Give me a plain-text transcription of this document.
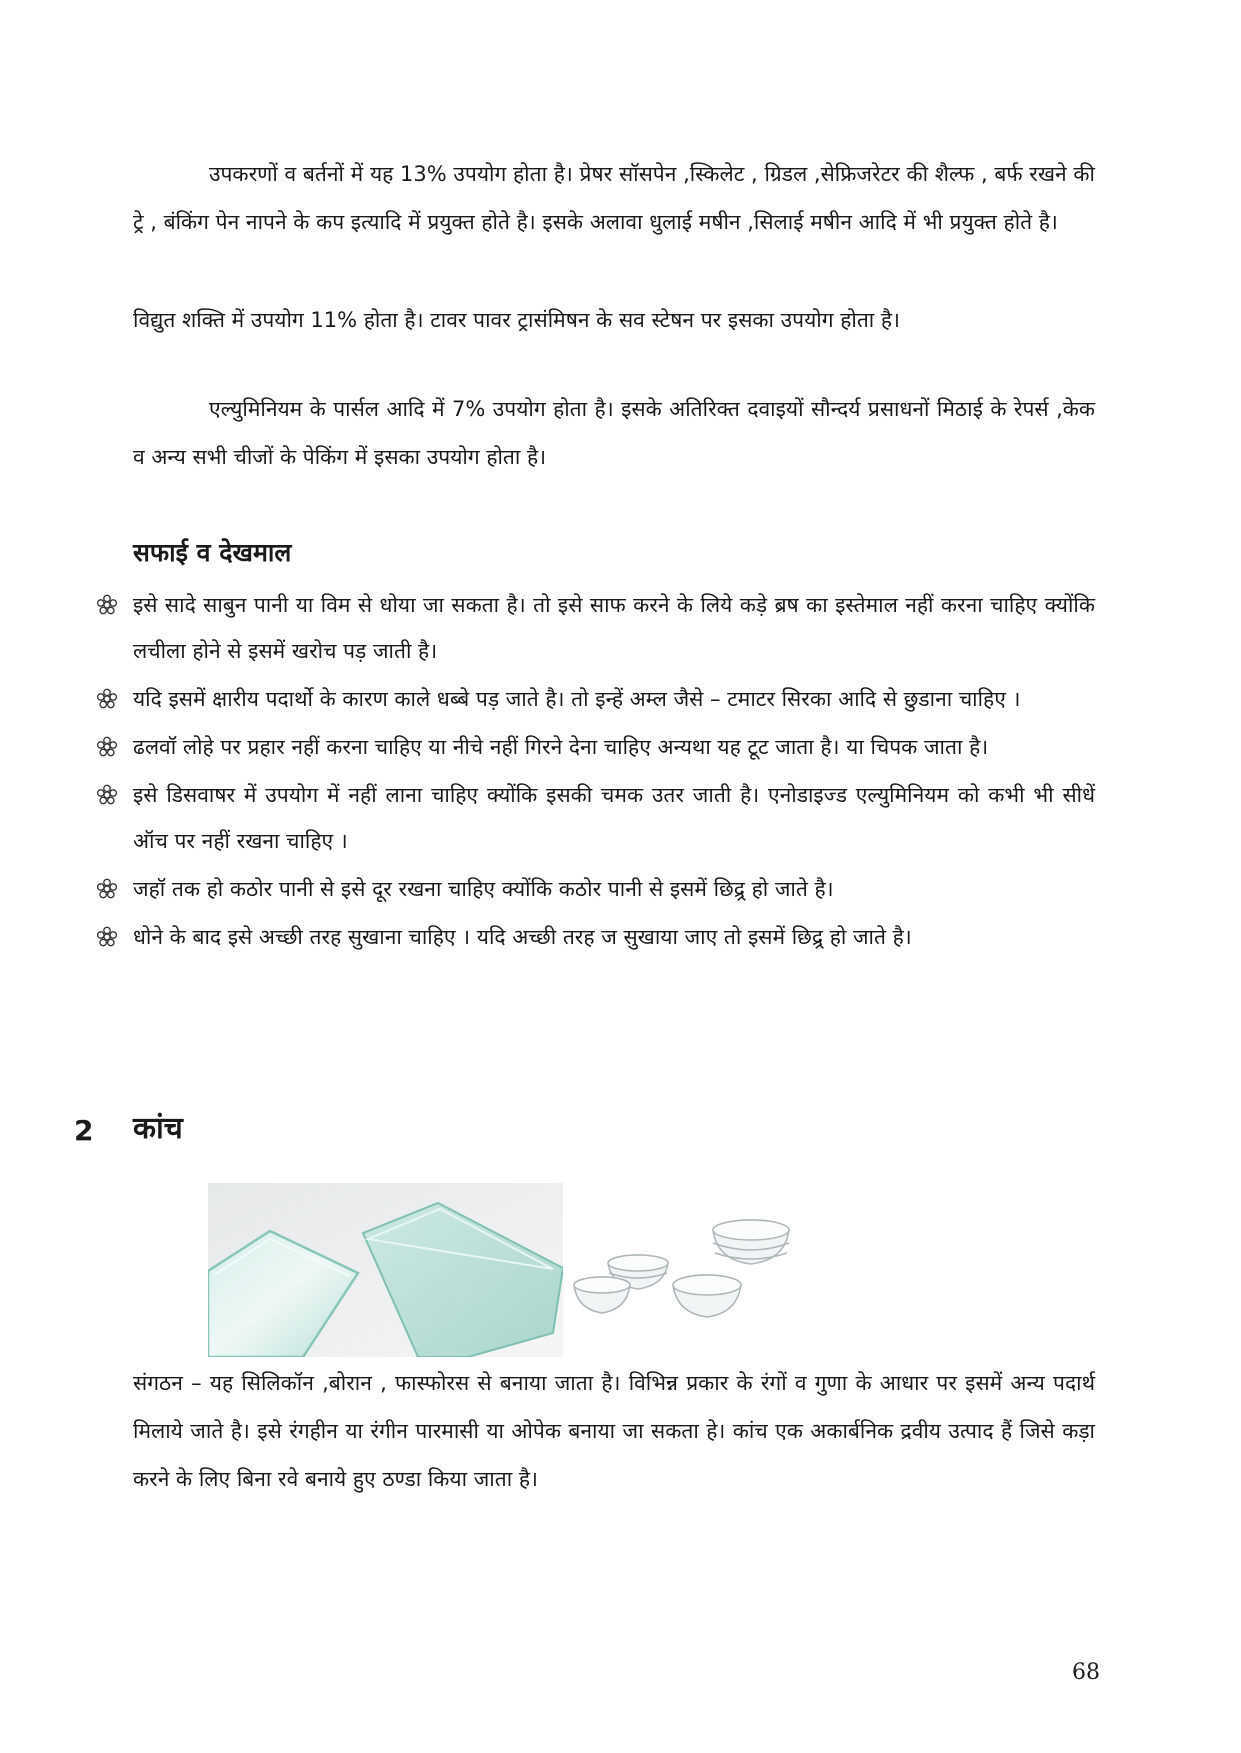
उपकरणों व बर्तनों में यह 13% उपयोग होता है। प्रेषर सॉसपेन ,स्किलेट , ग्रिडल ,सेफ्रिजरेटर की शैल्फ , बर्फ रखने की ट्रे , बंकिंग पेन नापने के कप इत्यादि में प्रयुक्त होते है। इसके अलावा धुलाई मषीन ,सिलाई मषीन आदि में भी प्रयुक्त होते है।

विद्युत शक्ति में उपयोग 11% होता है। टावर पावर ट्रासंमिषन के सव स्टेषन पर इसका उपयोग होता है।

एल्युमिनियम के पार्सल आदि में 7% उपयोग होता है। इसके अतिरिक्त दवाइयों सौन्दर्य प्रसाधनों मिठाई के रेपर्स ,केक व अन्य सभी चीजों के पेकिंग में इसका उपयोग होता है।

सफाई व देखमाल
इसे सादे साबुन पानी या विम से धोया जा सकता है। तो इसे साफ करने के लिये कड़े ब्रष का इस्तेमाल नहीं करना चाहिए क्योंकि लचीला होने से इसमें खरोच पड़ जाती है।
यदि इसमें क्षारीय पदार्थो के कारण काले धब्बे पड़ जाते है। तो इन्हें अम्ल जैसे – टमाटर सिरका आदि से छुडाना चाहिए ।
ढलवॉ लोहे पर प्रहार नहीं करना चाहिए या नीचे नहीं गिरने देना चाहिए अन्यथा यह टूट जाता है। या चिपक जाता है।
इसे डिसवाषर में उपयोग में नहीं लाना चाहिए क्योंकि इसकी चमक उतर जाती है। एनोडाइज्ड एल्युमिनियम को कभी भी सीधें ऑच पर नहीं रखना चाहिए ।
जहॉ तक हो कठोर पानी से इसे दूर रखना चाहिए क्योंकि कठोर पानी से इसमें छिद्र्र हो जाते है।
धोने के बाद इसे अच्छी तरह सुखाना चाहिए । यदि अच्छी तरह ज सुखाया जाए तो इसमें छिद्र्र हो जाते है।
2 कांच

संगठन – यह सिलिकॉन ,बोरान , फास्फोरस से बनाया जाता है। विभिन्न प्रकार के रंगों व गुणा के आधार पर इसमें अन्य पदार्थ मिलाये जाते है। इसे रंगहीन या रंगीन पारमासी या ओपेक बनाया जा सकता हे। कांच एक अकार्बनिक द्रवीय उत्पाद हैं जिसे कड़ा करने के लिए बिना रवे बनाये हुए ठण्डा किया जाता है।

68
